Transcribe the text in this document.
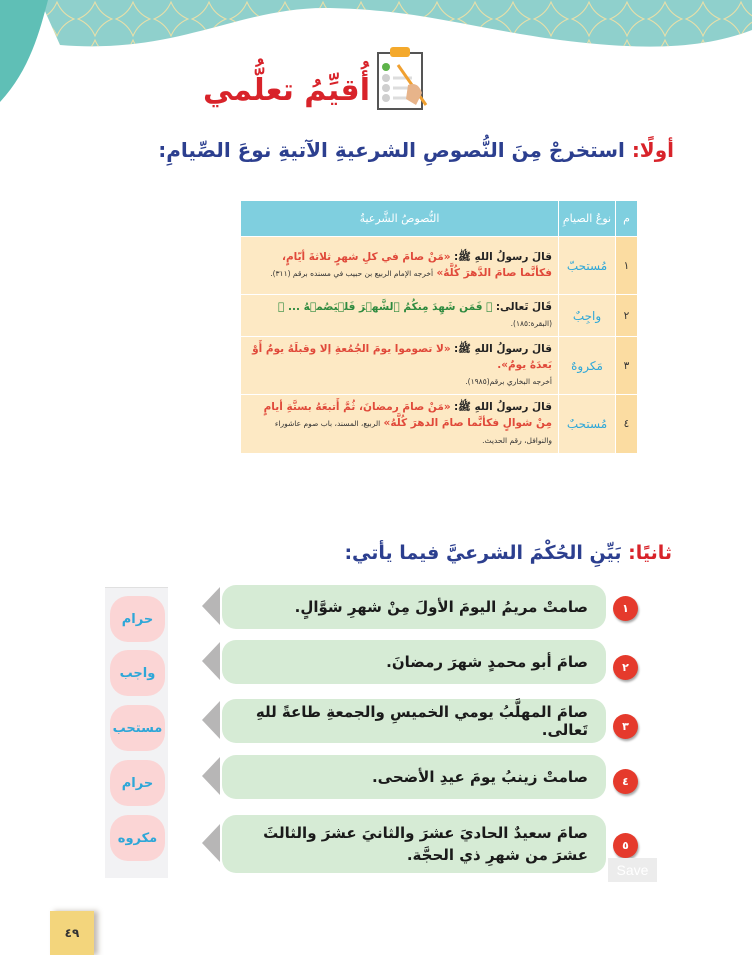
أُقيِّمُ تعلُّمي
أولًا: استخرجْ مِنَ النُّصوصِ الشرعيةِ الآتيةِ نوعَ الصِّيامِ:
م	نوعُ الصيامِ	النُّصوصُ الشَّرعيةُ
١	مُستحبّ	قالَ رسولُ اللهِ ﷺ: «مَنْ صامَ في كلِ شهرٍ ثلاثةَ أيّامٍ، فكأنَّما صامَ الدَّهرَ كُلَّهُ» أخرجه الإمام الربيع بن حبيب في مسنده برقم (٣١١).
٢	واجِبٌ	قَالَ تَعالى: ﴿ فَمَن شَهِدَ مِنكُمُ ٱلشَّهۡرَ فَلۡيَصُمۡهُ ... ﴾ (البقرة:١٨٥).
٣	مَكروهٌ	قالَ رسولُ اللهِ ﷺ: «لا تصوموا يومَ الجُمُعةِ إلا وقبلَهُ يومٌ أَوْ بَعدَهُ يومٌ».
أخرجه البخاري برقم(١٩٨٥).
٤	مُستحبٌ	قالَ رسولُ اللهِ ﷺ: «مَنْ صامَ رمضانَ، ثُمَّ أَتبعَهُ بستَّةِ أيامٍ مِنْ شوالٍ فكأنَّما صامَ الدهرَ كُلَّهُ» الربيع، المسند، باب صوم عاشوراء والنوافل، رقم الحديث.
ثانيًا: بَيِّنِ الحُكْمَ الشرعيَّ فيما يأتي:
حرام
واجب
مستحب
حرام
مكروه
صامتْ مريمُ اليومَ الأولَ مِنْ شهرِ شوَّالٍ.	١
صامَ أبو محمدٍ شهرَ رمضانَ.	٢
صامَ المهلَّبُ يومي الخميسِ والجمعةِ طاعةً للهِ تَعالى.	٣
صامتْ زينبُ يومَ عيدِ الأضحى.	٤
صامَ سعيدٌ الحاديَ عشرَ والثانيَ عشرَ والثالثَ عشرَ من شهرِ ذي الحجَّة.
٥
Save
٤٩
